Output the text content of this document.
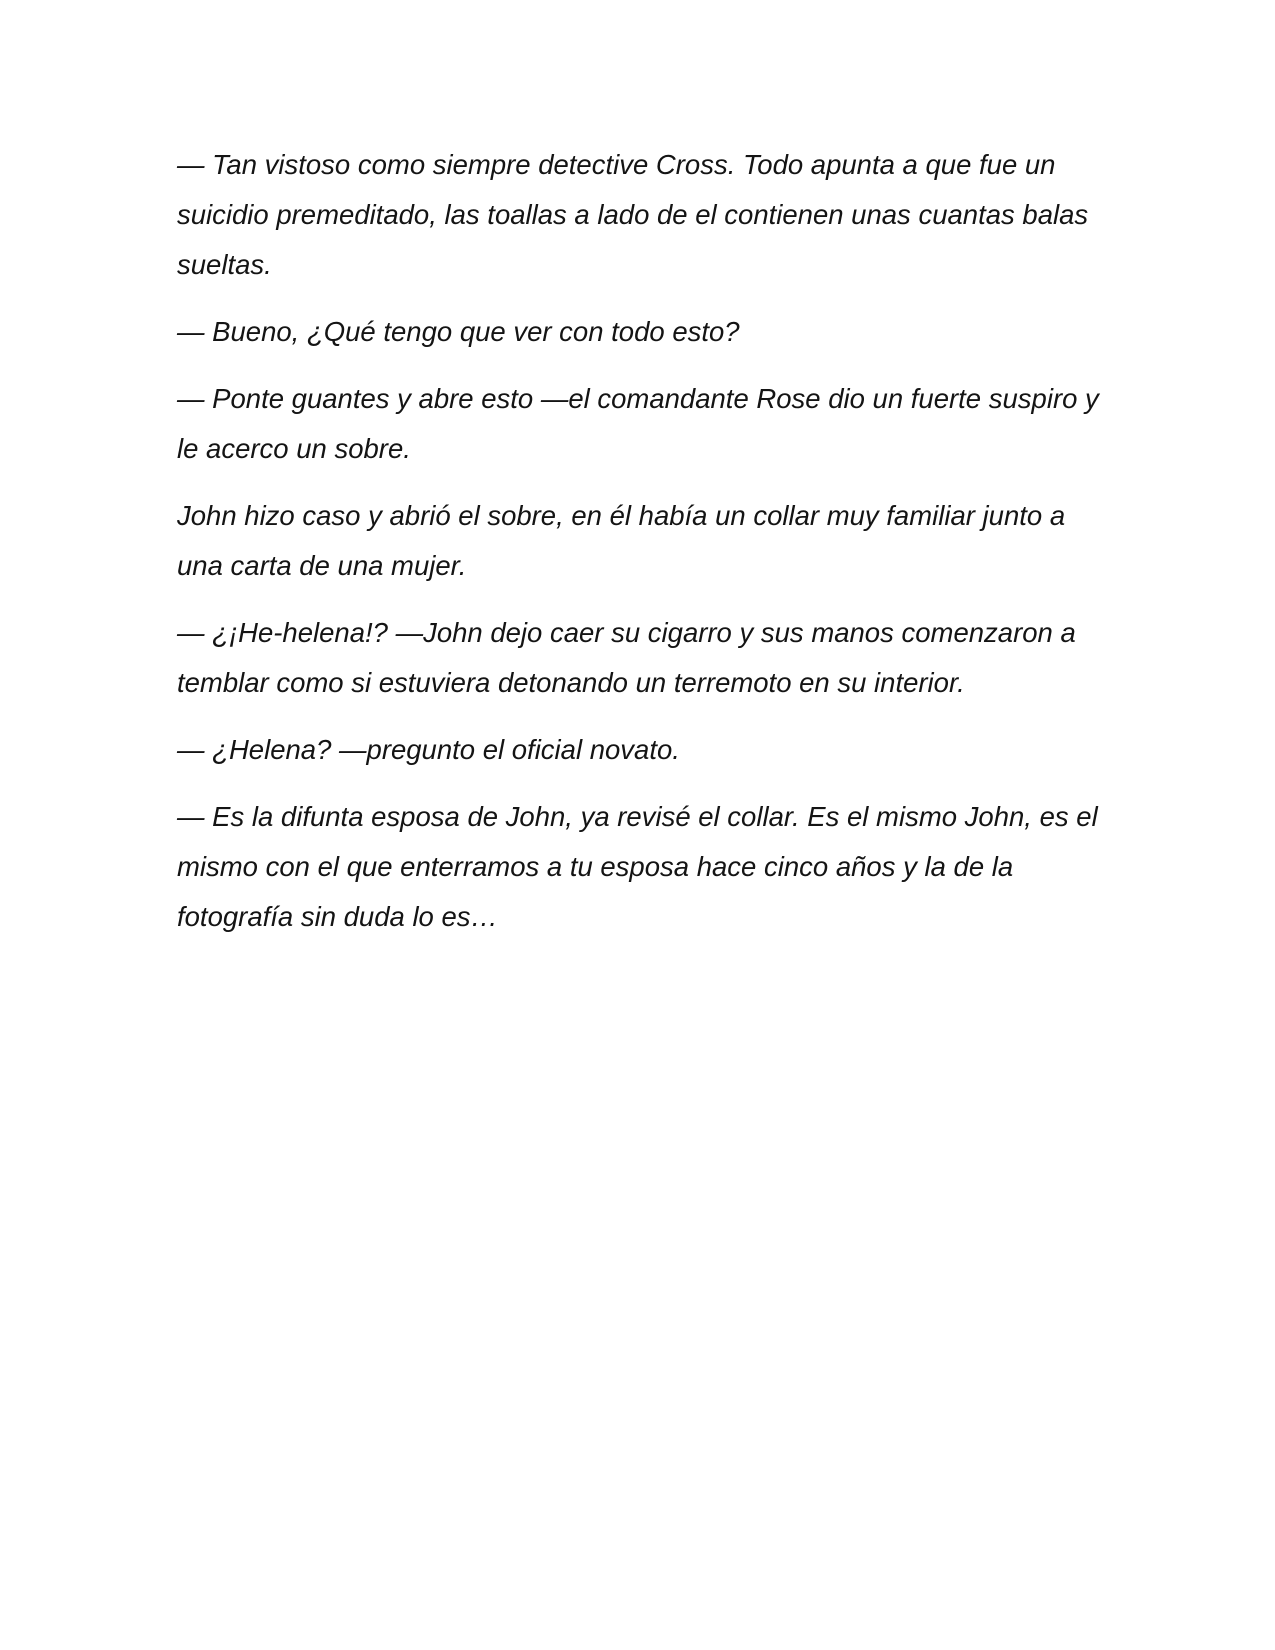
— Tan vistoso como siempre detective Cross. Todo apunta a que fue un suicidio premeditado, las toallas a lado de el contienen unas cuantas balas sueltas.

— Bueno, ¿Qué tengo que ver con todo esto?

— Ponte guantes y abre esto —el comandante Rose dio un fuerte suspiro y le acerco un sobre.

John hizo caso y abrió el sobre, en él había un collar muy familiar junto a una carta de una mujer.

— ¿¡He-helena!? —John dejo caer su cigarro y sus manos comenzaron a temblar como si estuviera detonando un terremoto en su interior.

— ¿Helena? —pregunto el oficial novato.

— Es la difunta esposa de John, ya revisé el collar. Es el mismo John, es el mismo con el que enterramos a tu esposa hace cinco años y la de la fotografía sin duda lo es…
